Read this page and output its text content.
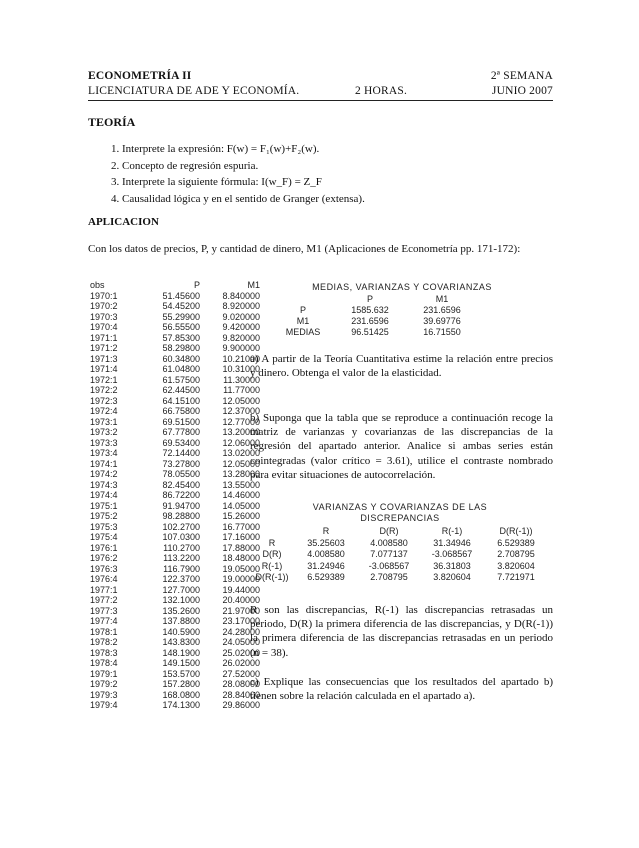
ECONOMETRÍA II
LICENCIATURA DE ADE Y ECONOMÍA.	2 HORAS.
2ª SEMANA
JUNIO 2007
TEORÍA
1. Interprete la expresión: F(w) = F₁(w)+F₂(w).
2. Concepto de regresión espuria.
3. Interprete la siguiente fórmula: I(w_F) = Z_F
4. Causalidad lógica y en el sentido de Granger (extensa).
APLICACION
Con los datos de precios, P, y cantidad de dinero, M1 (Aplicaciones de Econometría pp. 171-172):
obs	P	M1
1970:1	51.45600	8.840000
1970:2	54.45200	8.920000
1970:3	55.29900	9.020000
1970:4	56.55500	9.420000
1971:1	57.85300	9.820000
1971:2	58.29800	9.900000
1971:3	60.34800	10.21000
1971:4	61.04800	10.31000
1972:1	61.57500	11.30000
1972:2	62.44500	11.77000
1972:3	64.15100	12.05000
1972:4	66.75800	12.37000
1973:1	69.51500	12.77000
1973:2	67.77800	13.20000
1973:3	69.53400	12.06000
1973:4	72.14400	13.02000
1974:1	73.27800	12.05000
1974:2	78.05500	13.28000
1974:3	82.45400	13.55000
1974:4	86.72200	14.46000
1975:1	91.94700	14.05000
1975:2	98.28800	15.26000
1975:3	102.2700	16.77000
1975:4	107.0300	17.16000
1976:1	110.2700	17.88000
1976:2	113.2200	18.48000
1976:3	116.7900	19.05000
1976:4	122.3700	19.00000
1977:1	127.7000	19.44000
1977:2	132.1000	20.40000
1977:3	135.2600	21.97000
1977:4	137.8800	23.17000
1978:1	140.5900	24.28000
1978:2	143.8300	24.05000
1978:3	148.1900	25.02000
1978:4	149.1500	26.02000
1979:1	153.5700	27.52000
1979:2	157.2800	28.08000
1979:3	168.0800	28.84000
1979:4	174.1300	29.86000
MEDIAS, VARIANZAS Y COVARIANZAS
	P	M1
P	1585.632	231.6596
M1	231.6596	39.69776
MEDIAS	96.51425	16.71550
a) A partir de la Teoría Cuantitativa estime la relación entre precios y dinero. Obtenga el valor de la elasticidad.
b) Suponga que la tabla que se reproduce a continuación recoge la matriz de varianzas y covarianzas de las discrepancias de la regresión del apartado anterior. Analice si ambas series están cointegradas (valor crítico = 3.61), utilice el contraste nombrado para evitar situaciones de autocorrelación.
VARIANZAS Y COVARIANZAS DE LAS DISCREPANCIAS
	R	D(R)	R(-1)	D(R(-1))
R	35.25603	4.008580	31.34946	6.529389
D(R)	4.008580	7.077137	-3.068567	2.708795
R(-1)	31.24946	-3.068567	36.31803	3.820604
D(R(-1))	6.529389	2.708795	3.820604	7.721971
R son las discrepancias, R(-1) las discrepancias retrasadas un periodo, D(R) la primera diferencia de las discrepancias, y D(R(-1)) la primera diferencia de las discrepancias retrasadas en un periodo (n = 38).
c) Explique las consecuencias que los resultados del apartado b) tienen sobre la relación calculada en el apartado a).
